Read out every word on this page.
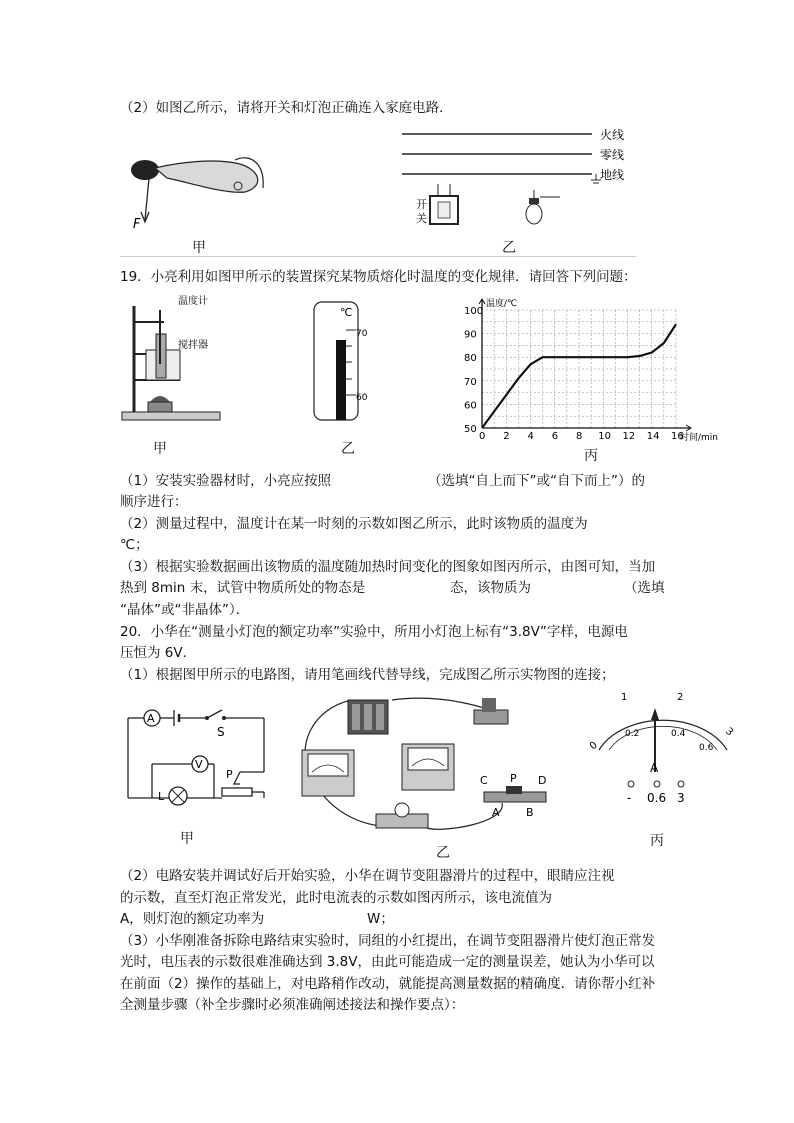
（2）如图乙所示，请将开关和灯泡正确连入家庭电路．
F
甲
火线
零线
地线
开
关
乙
19．小亮利用如图甲所示的装置探究某物质熔化时温度的变化规律．请回答下列问题：
温度计
搅拌器
甲
℃
70
60
乙
0 2 4 6 8 10 12 14 16
50
60
70
80
90
100
温度/℃
时间/min
丙
（1）安装实验器材时，小亮应按照	（选填“自上而下”或“自下而上”）的
顺序进行：
（2）测量过程中，温度计在某一时刻的示数如图乙所示，此时该物质的温度为
℃；
（3）根据实验数据画出该物质的温度随加热时间变化的图象如图丙所示，由图可知，当加
热到 8min 末，试管中物质所处的物态是	态，该物质为	（选填
“晶体”或“非晶体”）．
20．小华在“测量小灯泡的额定功率”实验中，所用小灯泡上标有“3.8V”字样，电源电
压恒为 6V．
（1）根据图甲所示的电路图，请用笔画线代替导线，完成图乙所示实物图的连接；
A
S
P
L
V
甲
C P D
A B
乙
0
1	2
3
0.2	0.4
0.6
A
- 0.6 3
丙
（2）电路安装并调试好后开始实验，小华在调节变阻器滑片的过程中，眼睛应注视
的示数，直至灯泡正常发光，此时电流表的示数如图丙所示，该电流值为
A，则灯泡的额定功率为	W；
（3）小华刚准备拆除电路结束实验时，同组的小红提出，在调节变阻器滑片使灯泡正常发
光时，电压表的示数很难准确达到 3.8V，由此可能造成一定的测量误差，她认为小华可以
在前面（2）操作的基础上，对电路稍作改动，就能提高测量数据的精确度．请你帮小红补
全测量步骤（补全步骤时必须准确阐述接法和操作要点）：
